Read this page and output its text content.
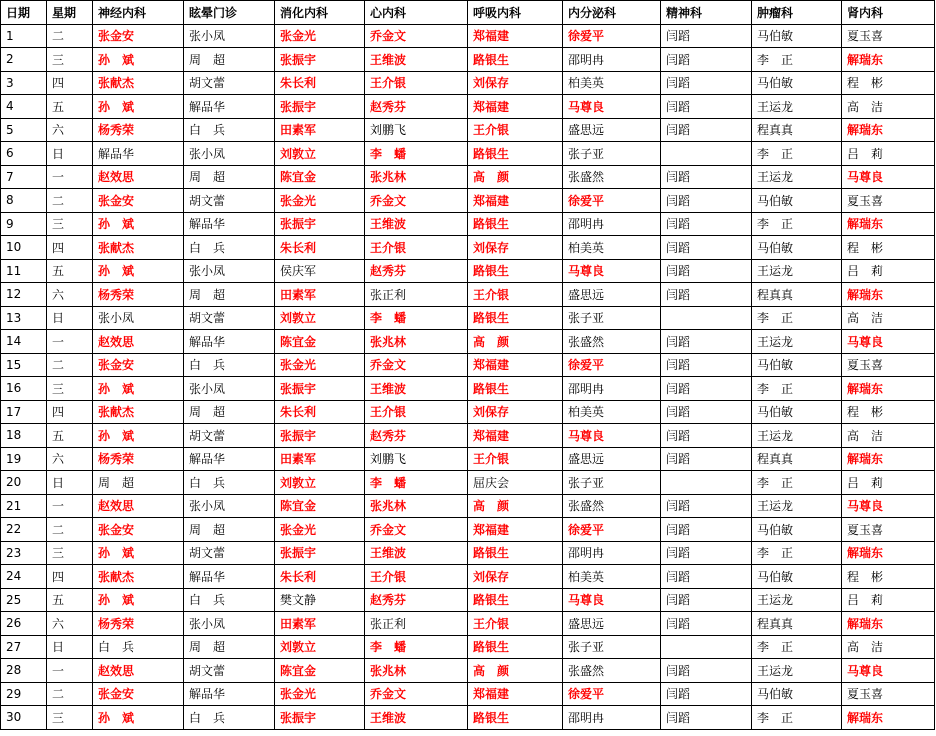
日期	星期	神经内科	眩晕门诊	消化内科	心内科	呼吸内科	内分泌科	精神科	肿瘤科	肾内科
1	二	张金安	张小凤	张金光	乔金文	郑福建	徐爱平	闫蹈	马伯敏	夏玉喜
2	三	孙　斌	周　超	张振宇	王维波	路银生	邵明冉	闫蹈	李　正	解瑞东
3	四	张献杰	胡文蕾	朱长利	王介银	刘保存	柏美英	闫蹈	马伯敏	程　彬
4	五	孙　斌	解品华	张振宇	赵秀芬	郑福建	马尊良	闫蹈	王运龙	高　洁
5	六	杨秀荣	白　兵	田素军	刘鹏飞	王介银	盛思远	闫蹈	程真真	解瑞东
6	日	解品华	张小凤	刘敦立	李　蟠	路银生	张子亚		李　正	吕　莉
7	一	赵效思	周　超	陈宜金	张兆林	高　颜	张盛然	闫蹈	王运龙	马尊良
8	二	张金安	胡文蕾	张金光	乔金文	郑福建	徐爱平	闫蹈	马伯敏	夏玉喜
9	三	孙　斌	解品华	张振宇	王维波	路银生	邵明冉	闫蹈	李　正	解瑞东
10	四	张献杰	白　兵	朱长利	王介银	刘保存	柏美英	闫蹈	马伯敏	程　彬
11	五	孙　斌	张小凤	侯庆军	赵秀芬	路银生	马尊良	闫蹈	王运龙	吕　莉
12	六	杨秀荣	周　超	田素军	张正利	王介银	盛思远	闫蹈	程真真	解瑞东
13	日	张小凤	胡文蕾	刘敦立	李　蟠	路银生	张子亚		李　正	高　洁
14	一	赵效思	解品华	陈宜金	张兆林	高　颜	张盛然	闫蹈	王运龙	马尊良
15	二	张金安	白　兵	张金光	乔金文	郑福建	徐爱平	闫蹈	马伯敏	夏玉喜
16	三	孙　斌	张小凤	张振宇	王维波	路银生	邵明冉	闫蹈	李　正	解瑞东
17	四	张献杰	周　超	朱长利	王介银	刘保存	柏美英	闫蹈	马伯敏	程　彬
18	五	孙　斌	胡文蕾	张振宇	赵秀芬	郑福建	马尊良	闫蹈	王运龙	高　洁
19	六	杨秀荣	解品华	田素军	刘鹏飞	王介银	盛思远	闫蹈	程真真	解瑞东
20	日	周　超	白　兵	刘敦立	李　蟠	屈庆会	张子亚		李　正	吕　莉
21	一	赵效思	张小凤	陈宜金	张兆林	高　颜	张盛然	闫蹈	王运龙	马尊良
22	二	张金安	周　超	张金光	乔金文	郑福建	徐爱平	闫蹈	马伯敏	夏玉喜
23	三	孙　斌	胡文蕾	张振宇	王维波	路银生	邵明冉	闫蹈	李　正	解瑞东
24	四	张献杰	解品华	朱长利	王介银	刘保存	柏美英	闫蹈	马伯敏	程　彬
25	五	孙　斌	白　兵	樊文静	赵秀芬	路银生	马尊良	闫蹈	王运龙	吕　莉
26	六	杨秀荣	张小凤	田素军	张正利	王介银	盛思远	闫蹈	程真真	解瑞东
27	日	白　兵	周　超	刘敦立	李　蟠	路银生	张子亚		李　正	高　洁
28	一	赵效思	胡文蕾	陈宜金	张兆林	高　颜	张盛然	闫蹈	王运龙	马尊良
29	二	张金安	解品华	张金光	乔金文	郑福建	徐爱平	闫蹈	马伯敏	夏玉喜
30	三	孙　斌	白　兵	张振宇	王维波	路银生	邵明冉	闫蹈	李　正	解瑞东
